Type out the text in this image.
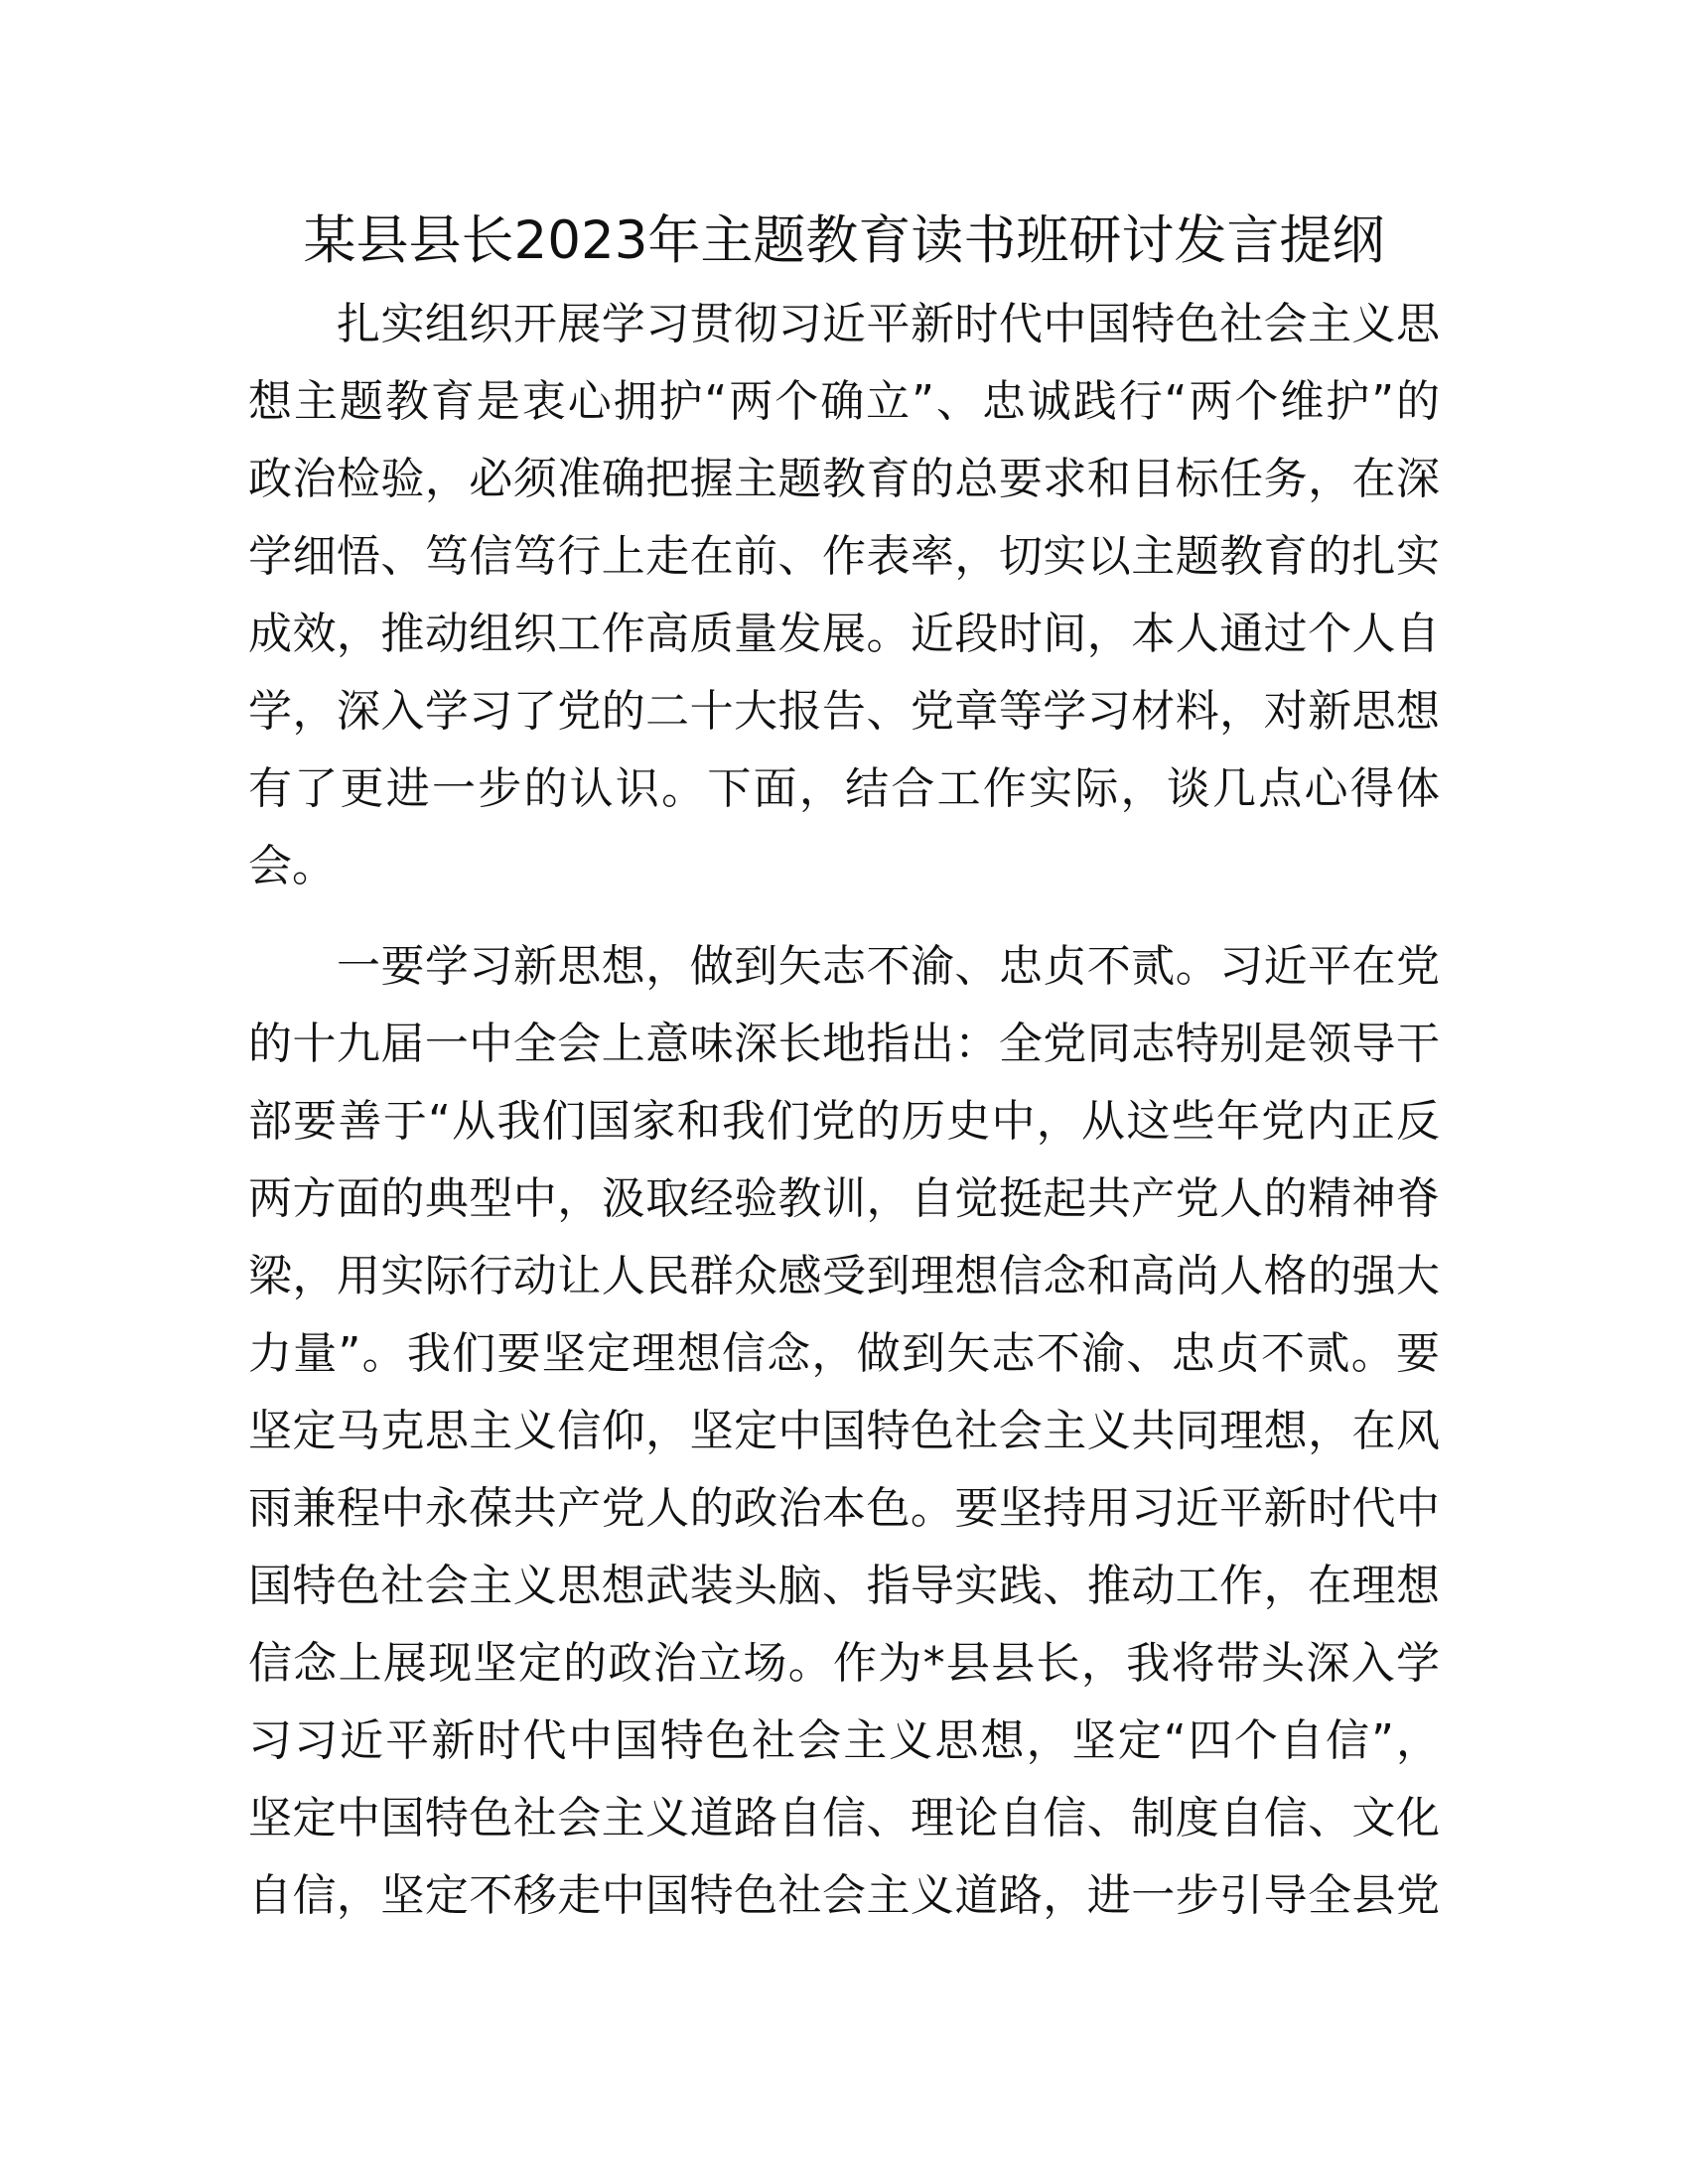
某县县长2023年主题教育读书班研讨发言提纲
扎实组织开展学习贯彻习近平新时代中国特色社会主义思
想主题教育是衷心拥护“两个确立”、忠诚践行“两个维护”的
政治检验，必须准确把握主题教育的总要求和目标任务，在深
学细悟、笃信笃行上走在前、作表率，切实以主题教育的扎实
成效，推动组织工作高质量发展。近段时间，本人通过个人自
学，深入学习了党的二十大报告、党章等学习材料，对新思想
有了更进一步的认识。下面，结合工作实际，谈几点心得体
会。
一要学习新思想，做到矢志不渝、忠贞不贰。习近平在党
的十九届一中全会上意味深长地指出：全党同志特别是领导干
部要善于“从我们国家和我们党的历史中，从这些年党内正反
两方面的典型中，汲取经验教训，自觉挺起共产党人的精神脊
梁，用实际行动让人民群众感受到理想信念和高尚人格的强大
力量”。我们要坚定理想信念，做到矢志不渝、忠贞不贰。要
坚定马克思主义信仰，坚定中国特色社会主义共同理想，在风
雨兼程中永葆共产党人的政治本色。要坚持用习近平新时代中
国特色社会主义思想武装头脑、指导实践、推动工作，在理想
信念上展现坚定的政治立场。作为*县县长，我将带头深入学
习习近平新时代中国特色社会主义思想，坚定“四个自信”，
坚定中国特色社会主义道路自信、理论自信、制度自信、文化
自信，坚定不移走中国特色社会主义道路，进一步引导全县党
